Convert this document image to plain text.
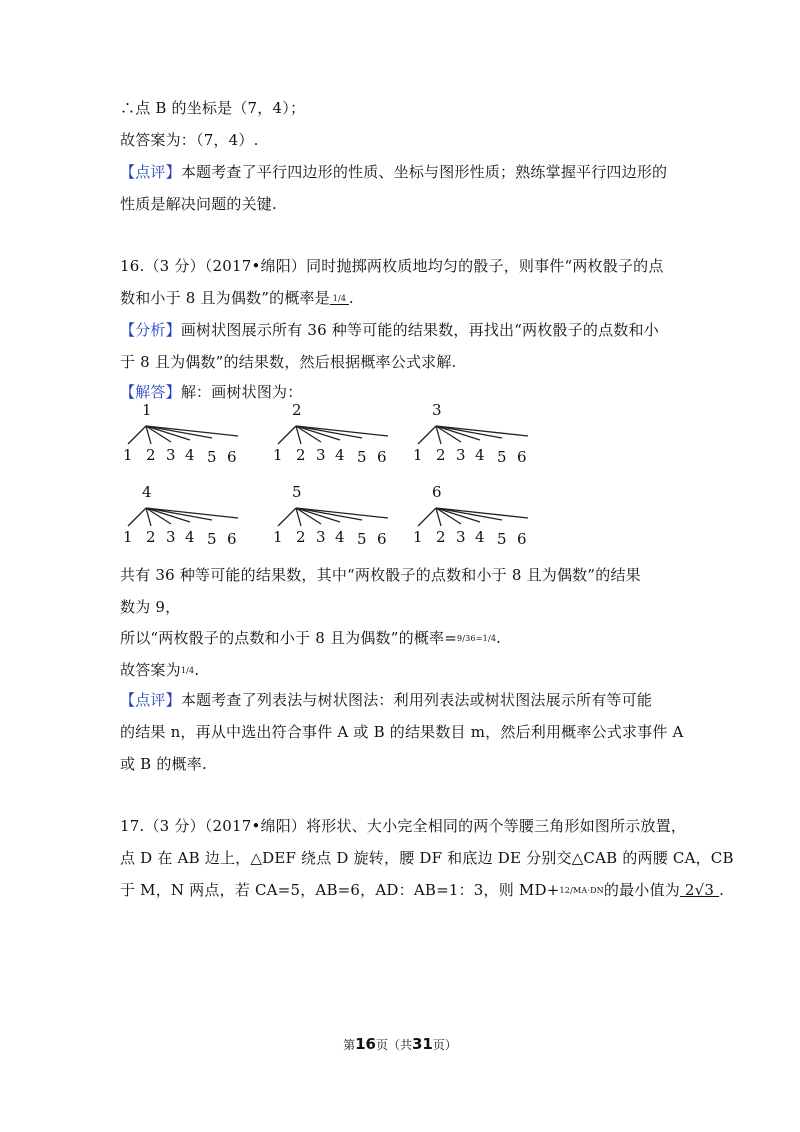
∴点 B 的坐标是（7，4）；
故答案为：（7，4）.
【点评】本题考查了平行四边形的性质、坐标与图形性质；熟练掌握平行四边形的
性质是解决问题的关键.
16.（3 分）（2017•绵阳）同时抛掷两枚质地均匀的骰子，则事件“两枚骰子的点
数和小于 8 且为偶数”的概率是 1/4 .
【分析】画树状图展示所有 36 种等可能的结果数，再找出“两枚骰子的点数和小
于 8 且为偶数”的结果数，然后根据概率公式求解.
【解答】解：画树状图为：
1
1 2 3 4 5 6
2
1 2 3 4 5 6
3
1 2 3 4 5 6
4
1 2 3 4 5 6
5
1 2 3 4 5 6
6
1 2 3 4 5 6
共有 36 种等可能的结果数，其中“两枚骰子的点数和小于 8 且为偶数”的结果
数为 9，
所以“两枚骰子的点数和小于 8 且为偶数”的概率=9/36=1/4.
故答案为1/4.
【点评】本题考查了列表法与树状图法：利用列表法或树状图法展示所有等可能
的结果 n，再从中选出符合事件 A 或 B 的结果数目 m，然后利用概率公式求事件 A
或 B 的概率.
17.（3 分）（2017•绵阳）将形状、大小完全相同的两个等腰三角形如图所示放置，
点 D 在 AB 边上，△DEF 绕点 D 旋转，腰 DF 和底边 DE 分别交△CAB 的两腰 CA，CB
于 M，N 两点，若 CA=5，AB=6，AD：AB=1：3，则 MD+12/MA·DN的最小值为 2√3 .
第16页（共31页）
